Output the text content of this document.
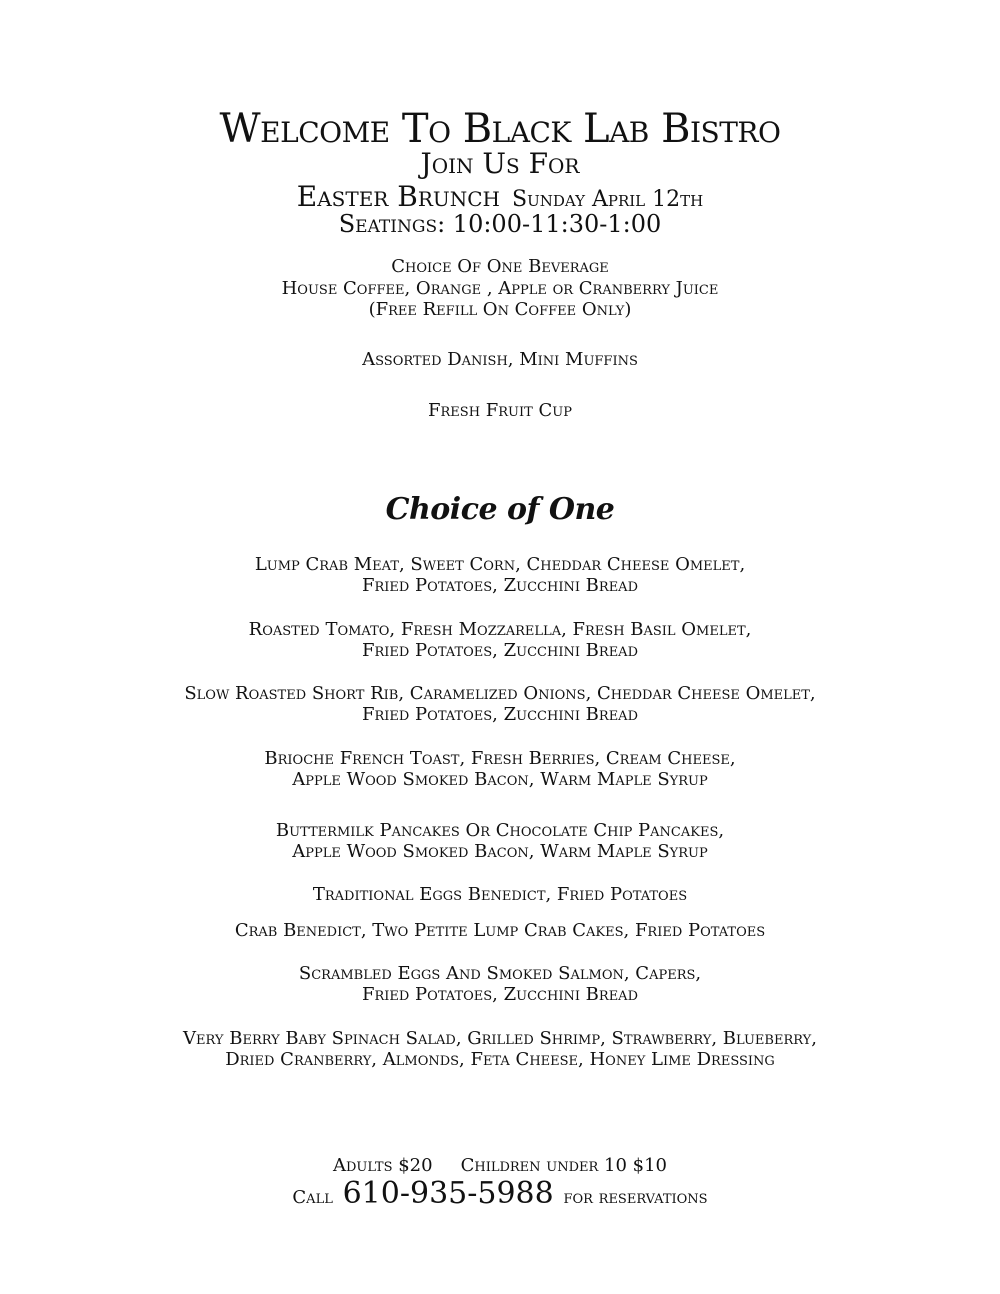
Welcome To Black Lab Bistro
Join Us For
Easter Brunch Sunday April 12th
Seatings: 10:00-11:30-1:00
Choice Of One Beverage
House Coffee, Orange , Apple or Cranberry Juice
(Free Refill On Coffee Only)
Assorted Danish, Mini Muffins
Fresh Fruit Cup
Choice of One
Lump Crab Meat, Sweet Corn, Cheddar Cheese Omelet,
Fried Potatoes, Zucchini Bread
Roasted Tomato, Fresh Mozzarella, Fresh Basil Omelet,
Fried Potatoes, Zucchini Bread
Slow Roasted Short Rib, Caramelized Onions, Cheddar Cheese Omelet,
Fried Potatoes, Zucchini Bread
Brioche French Toast, Fresh Berries, Cream Cheese,
Apple Wood Smoked Bacon, Warm Maple Syrup
Buttermilk Pancakes Or Chocolate Chip Pancakes,
Apple Wood Smoked Bacon, Warm Maple Syrup
Traditional Eggs Benedict, Fried Potatoes
Crab Benedict, Two Petite Lump Crab Cakes, Fried Potatoes
Scrambled Eggs And Smoked Salmon, Capers,
Fried Potatoes, Zucchini Bread
Very Berry Baby Spinach Salad, Grilled Shrimp, Strawberry, Blueberry,
Dried Cranberry, Almonds, Feta Cheese, Honey Lime Dressing
Adults $20 Children under 10 $10
Call 610-935-5988 for reservations
